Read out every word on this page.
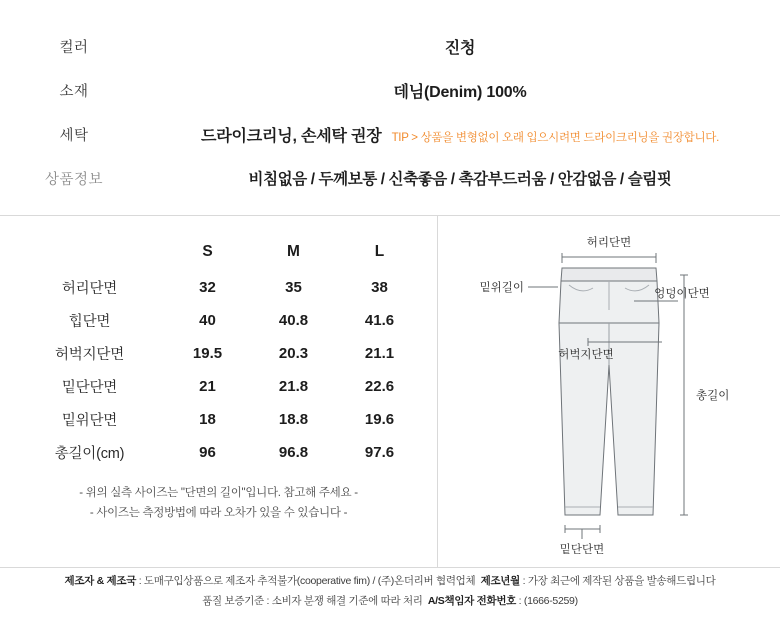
컬러	진청
소재	데님(Denim) 100%
세탁	드라이크리닝, 손세탁 권장 TIP > 상품을 변형없이 오래 입으시려면 드라이크리닝을 권장합니다.
상품정보	비침없음 / 두께보통 / 신축좋음 / 촉감부드러움 / 안감없음 / 슬림핏
	S	M	L
허리단면	32	35	38
힙단면	40	40.8	41.6
허벅지단면	19.5	20.3	21.1
밑단단면	21	21.8	22.6
밑위단면	18	18.8	19.6
총길이(cm)	96	96.8	97.6
- 위의 실측 사이즈는 "단면의 길이"입니다. 참고해 주세요 -
- 사이즈는 측정방법에 따라 오차가 있을 수 있습니다 -
허리단면
밑위길이	엉덩이단면
허벅지단면
총길이
밑단단면
제조자 & 제조국 : 도매구입상품으로 제조자 추적불가(cooperative fim) / (주)온더리버 협력업체 제조년월 : 가장 최근에 제작된 상품을 발송해드립니다
품질 보증기준 : 소비자 분쟁 해결 기준에 따라 처리 A/S책임자 전화번호 : (1666-5259)
